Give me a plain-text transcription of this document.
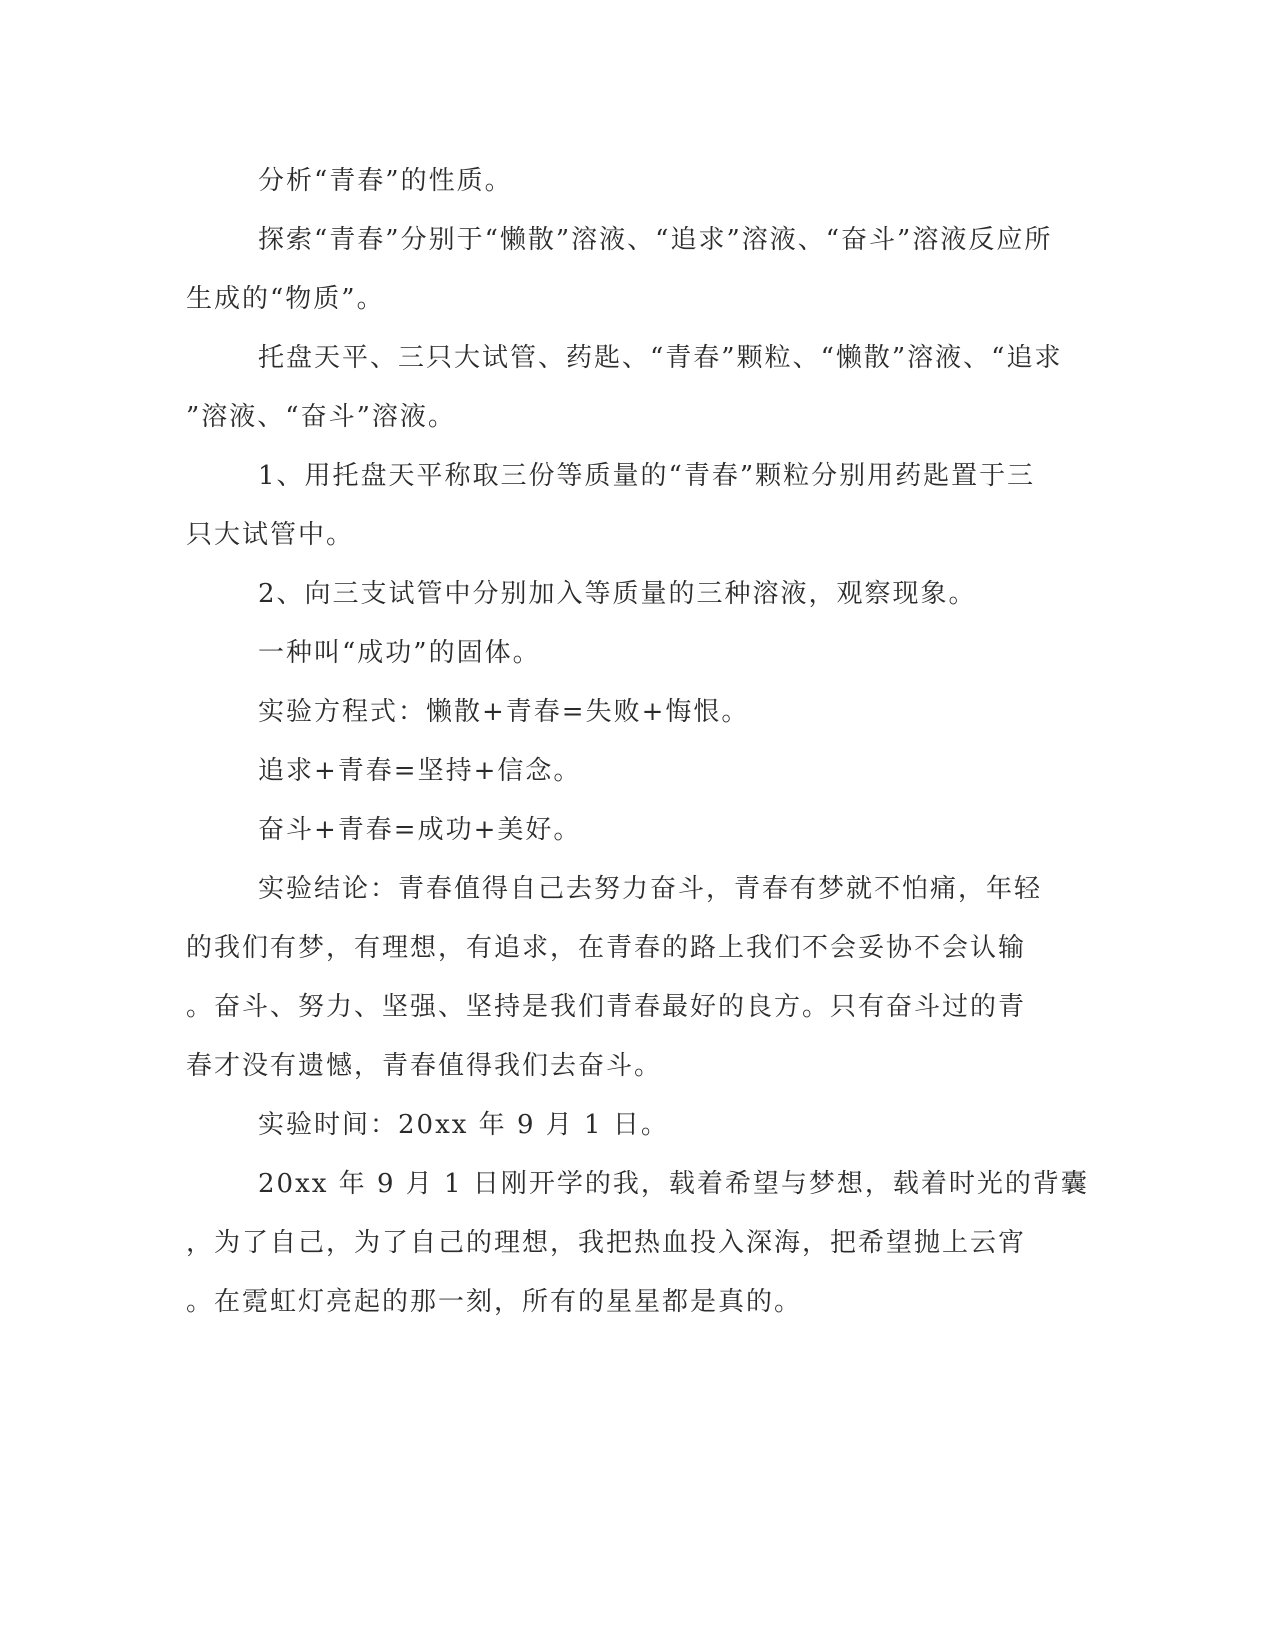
分析“青春”的性质。
探索“青春”分别于“懒散”溶液、“追求”溶液、“奋斗”溶液反应所
生成的“物质”。
托盘天平、三只大试管、药匙、“青春”颗粒、“懒散”溶液、“追求
”溶液、“奋斗”溶液。
1、用托盘天平称取三份等质量的“青春”颗粒分别用药匙置于三
只大试管中。
2、向三支试管中分别加入等质量的三种溶液，观察现象。
一种叫“成功”的固体。
实验方程式：懒散+青春=失败+悔恨。
追求+青春=坚持+信念。
奋斗+青春=成功+美好。
实验结论：青春值得自己去努力奋斗，青春有梦就不怕痛，年轻
的我们有梦，有理想，有追求，在青春的路上我们不会妥协不会认输
。奋斗、努力、坚强、坚持是我们青春最好的良方。只有奋斗过的青
春才没有遗憾，青春值得我们去奋斗。
实验时间：20xx 年 9 月 1 日。
20xx 年 9 月 1 日刚开学的我，载着希望与梦想，载着时光的背囊
，为了自己，为了自己的理想，我把热血投入深海，把希望抛上云宵
。在霓虹灯亮起的那一刻，所有的星星都是真的。
